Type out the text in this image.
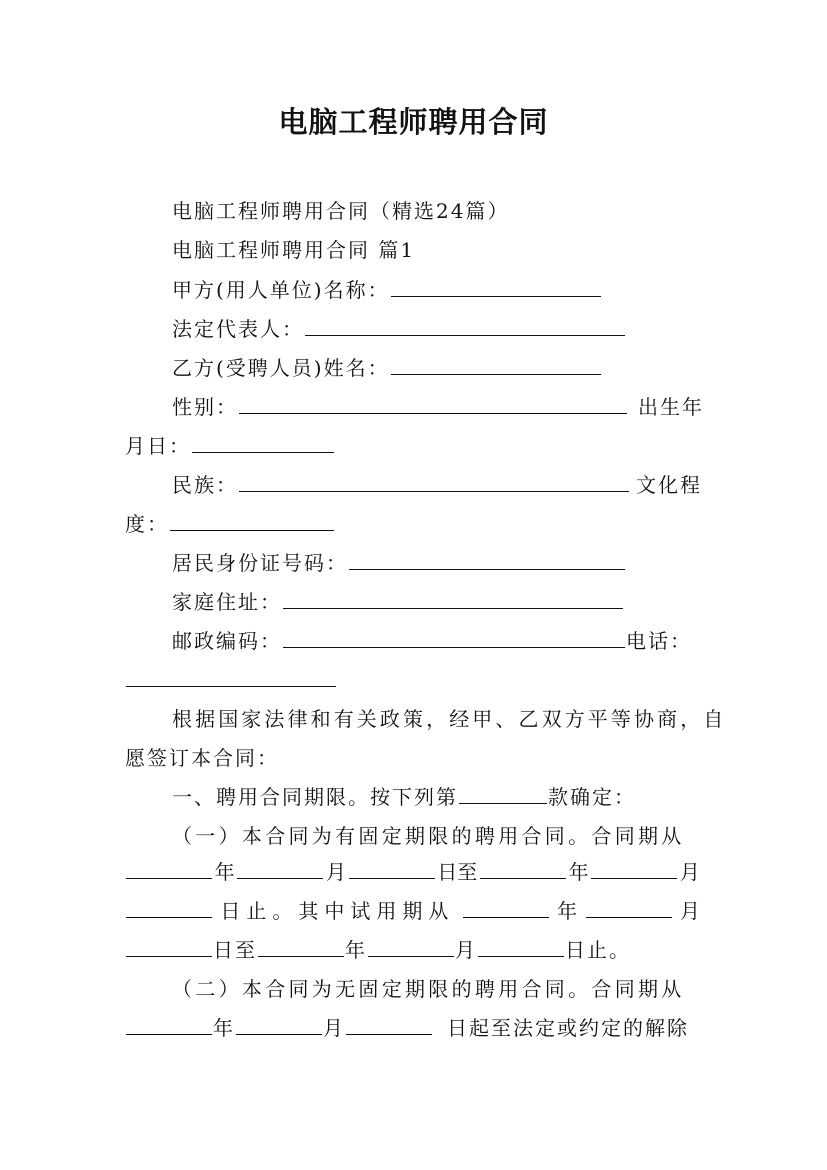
电脑工程师聘用合同
电脑工程师聘用合同（精选24篇）
电脑工程师聘用合同 篇1
甲方(用人单位)名称：
法定代表人：
乙方(受聘人员)姓名：
性别：	出生年
月日：
民族：	文化程
度：
居民身份证号码：
家庭住址：
邮政编码：	电话：
根据国家法律和有关政策，经甲、乙双方平等协商，自
愿签订本合同：
一、聘用合同期限。按下列第	款确定：
（一）本合同为有固定期限的聘用合同。合同期从
年	月	日至	年	月
日止。其中试用期从	年	月
日至	年	月	日止。
（二）本合同为无固定期限的聘用合同。合同期从
年	月	日起至法定或约定的解除
